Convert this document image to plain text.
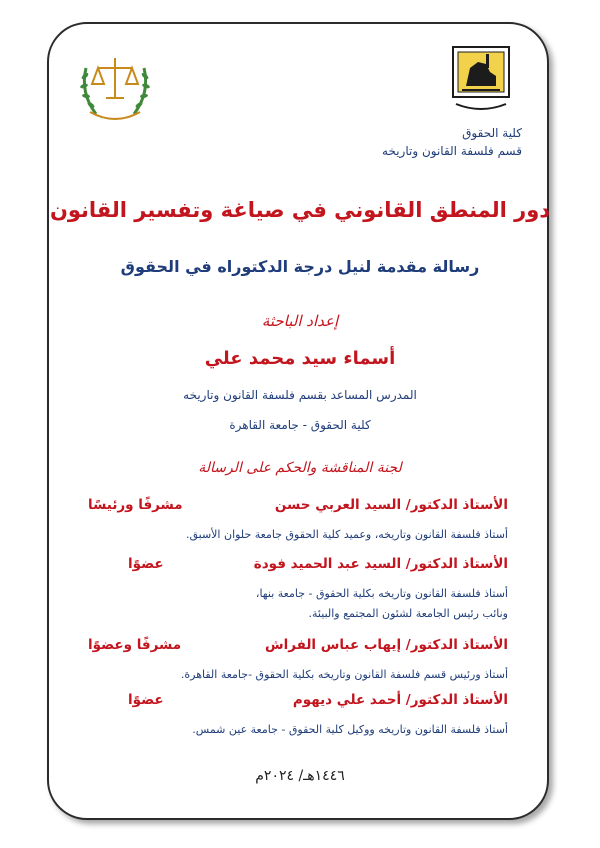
كلية الحقوق
قسم فلسفة القانون وتاريخه
دور المنطق القانوني في صياغة وتفسير القانون
رسالة مقدمة لنيل درجة الدكتوراه في الحقوق
إعداد الباحثة
أسماء سيد محمد علي
المدرس المساعد بقسم فلسفة القانون وتاريخه
كلية الحقوق - جامعة القاهرة
لجنة المناقشة والحكم على الرسالة
الأستاذ الدكتور/ السيد العربي حسن
مشرفًا ورئيسًا
أستاذ فلسفة القانون وتاريخه، وعميد كلية الحقوق جامعة حلوان الأسبق.
الأستاذ الدكتور/ السيد عبد الحميد فودة
عضوًا
أستاذ فلسفة القانون وتاريخه بكلية الحقوق - جامعة بنها،
ونائب رئيس الجامعة لشئون المجتمع والبيئة.
الأستاذ الدكتور/ إيهاب عباس الفراش
مشرفًا وعضوًا
أستاذ ورئيس قسم فلسفة القانون وتاريخه بكلية الحقوق -جامعة القاهرة.
الأستاذ الدكتور/ أحمد علي ديهوم
عضوًا
أستاذ فلسفة القانون وتاريخه ووكيل كلية الحقوق - جامعة عين شمس.
١٤٤٦هـ/ ٢٠٢٤م
